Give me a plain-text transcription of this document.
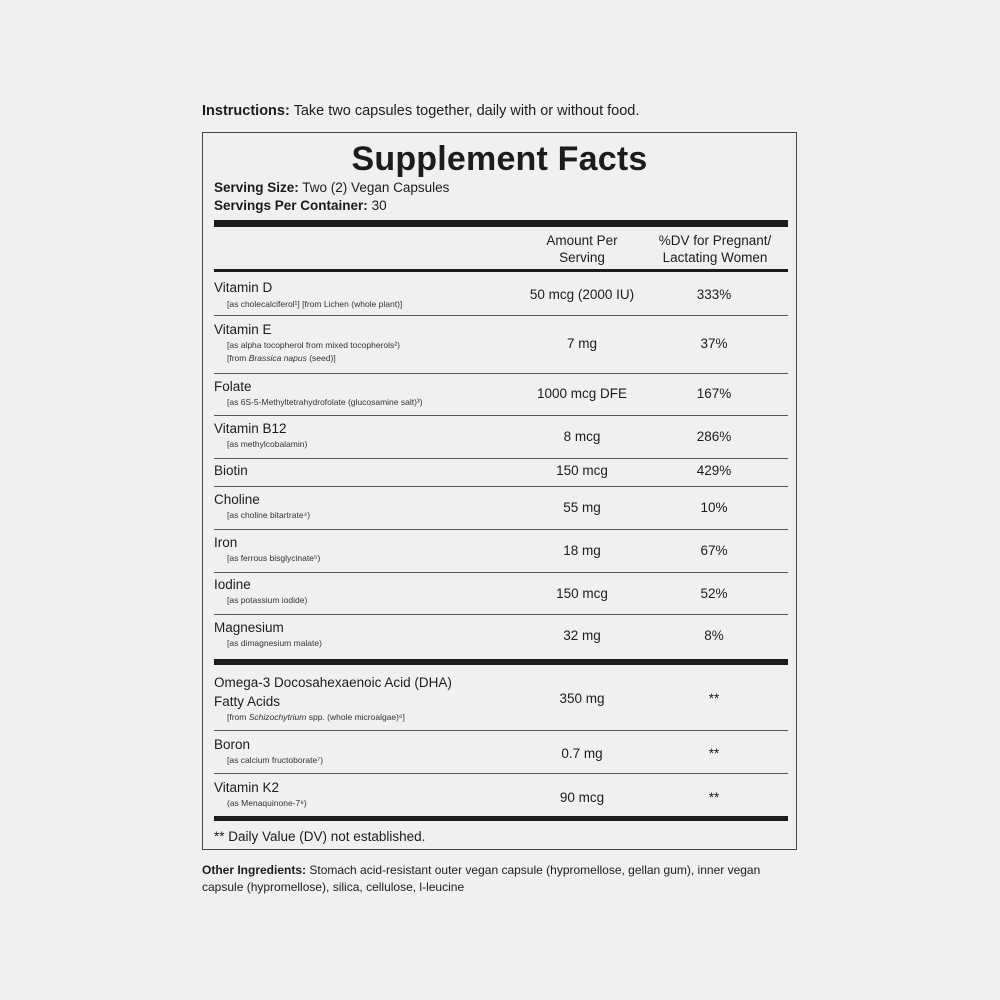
Instructions: Take two capsules together, daily with or without food.
Supplement Facts
Serving Size: Two (2) Vegan Capsules
Servings Per Container: 30
Amount Per
Serving
%DV for Pregnant/
Lactating Women
Vitamin D
[as cholecalciferol¹] [from Lichen (whole plant)]
50 mcg (2000 IU)	333%
Vitamin E
[as alpha tocopherol from mixed tocopherols²)
[from Brassica napus (seed)]
7 mg	37%
Folate
[as 6S-5-Methyltetrahydrofolate (glucosamine salt)³)
1000 mcg DFE	167%
Vitamin B12
[as methylcobalamin)	8 mcg	286%
Biotin	150 mcg	429%
Choline
[as choline bitartrate⁴)	55 mg	10%
Iron
[as ferrous bisglycinate⁵)	18 mg	67%
Iodine
[as potassium iodide)	150 mcg	52%
Magnesium
[as dimagnesium malate)	32 mg	8%
Omega-3 Docosahexaenoic Acid (DHA)
Fatty Acids
[from Schizochytrium spp. (whole microalgae)⁶]
350 mg	**
Boron
[as calcium fructoborate⁷)	0.7 mg	**
Vitamin K2
(as Menaquinone-7⁸)	90 mcg	**
** Daily Value (DV) not established.
Other Ingredients: Stomach acid-resistant outer vegan capsule (hypromellose, gellan gum), inner vegan capsule (hypromellose), silica, cellulose, l-leucine
